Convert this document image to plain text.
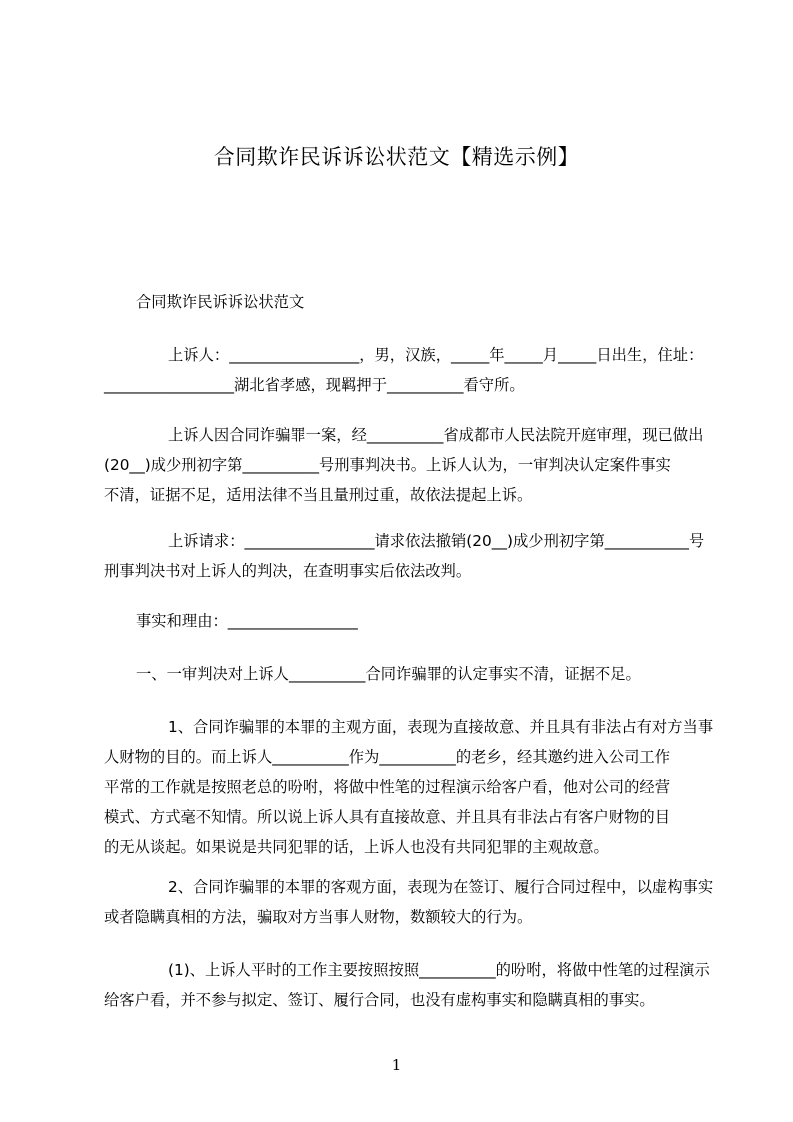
合同欺诈民诉诉讼状范文【精选示例】
合同欺诈民诉诉讼状范文
上诉人：_________________，男，汉族，_____年_____月_____日出生，住址：
_________________湖北省孝感，现羁押于__________看守所。
上诉人因合同诈骗罪一案，经__________省成都市人民法院开庭审理，现已做出
(20__)成少刑初字第__________号刑事判决书。上诉人认为，一审判决认定案件事实
不清，证据不足，适用法律不当且量刑过重，故依法提起上诉。
上诉请求：_________________请求依法撤销(20__)成少刑初字第___________号
刑事判决书对上诉人的判决，在查明事实后依法改判。
事实和理由：_________________
一、一审判决对上诉人__________合同诈骗罪的认定事实不清，证据不足。
1、合同诈骗罪的本罪的主观方面，表现为直接故意、并且具有非法占有对方当事
人财物的目的。而上诉人__________作为__________的老乡，经其邀约进入公司工作
平常的工作就是按照老总的吩咐，将做中性笔的过程演示给客户看，他对公司的经营
模式、方式毫不知情。所以说上诉人具有直接故意、并且具有非法占有客户财物的目
的无从谈起。如果说是共同犯罪的话，上诉人也没有共同犯罪的主观故意。
2、合同诈骗罪的本罪的客观方面，表现为在签订、履行合同过程中，以虚构事实
或者隐瞒真相的方法，骗取对方当事人财物，数额较大的行为。
(1)、上诉人平时的工作主要按照按照__________的吩咐，将做中性笔的过程演示
给客户看，并不参与拟定、签订、履行合同，也没有虚构事实和隐瞒真相的事实。
1
